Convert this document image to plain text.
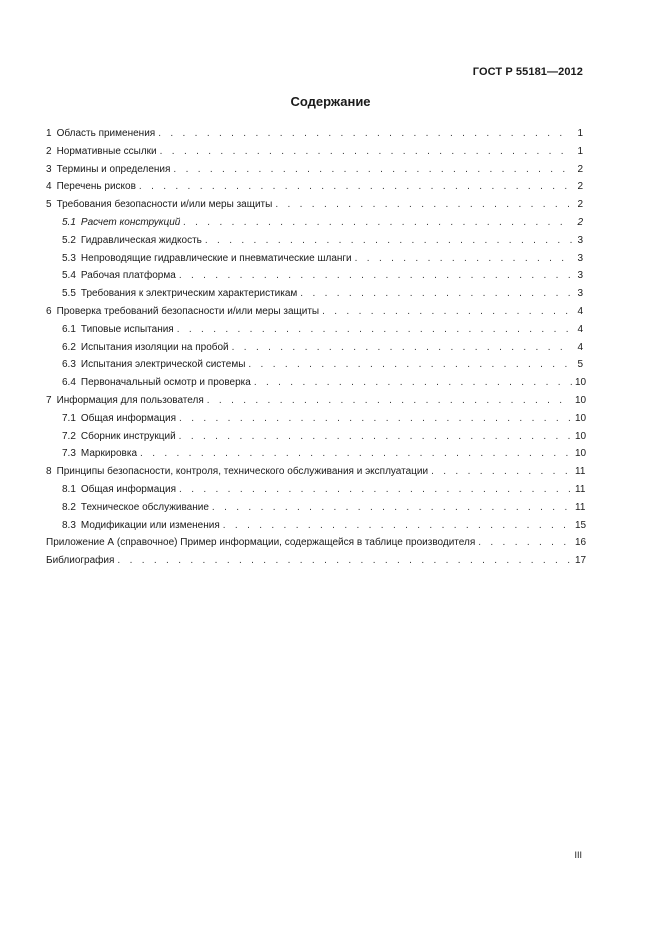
ГОСТ Р 55181—2012
Содержание
1 Область применения . . .	1
2 Нормативные ссылки . . .	1
3 Термины и определения . . .	2
4 Перечень рисков . . .	2
5 Требования безопасности и/или меры защиты . . .	2
5.1 Расчет конструкций . . .	2
5.2 Гидравлическая жидкость . . .	3
5.3 Непроводящие гидравлические и пневматические шланги . . .	3
5.4 Рабочая платформа . . .	3
5.5 Требования к электрическим характеристикам . . .	3
6 Проверка требований безопасности и/или меры защиты . . .	4
6.1 Типовые испытания . . .	4
6.2 Испытания изоляции на пробой . . .	4
6.3 Испытания электрической системы . . .	5
6.4 Первоначальный осмотр и проверка . . .	10
7 Информация для пользователя . . .	10
7.1 Общая информация . . .	10
7.2 Сборник инструкций . . .	10
7.3 Маркировка . . .	10
8 Принципы безопасности, контроля, технического обслуживания и эксплуатации . . .	11
8.1 Общая информация . . .	11
8.2 Техническое обслуживание . . .	11
8.3 Модификации или изменения . . .	15
Приложение А (справочное) Пример информации, содержащейся в таблице производителя . . .	16
Библиография . . .	17
III
